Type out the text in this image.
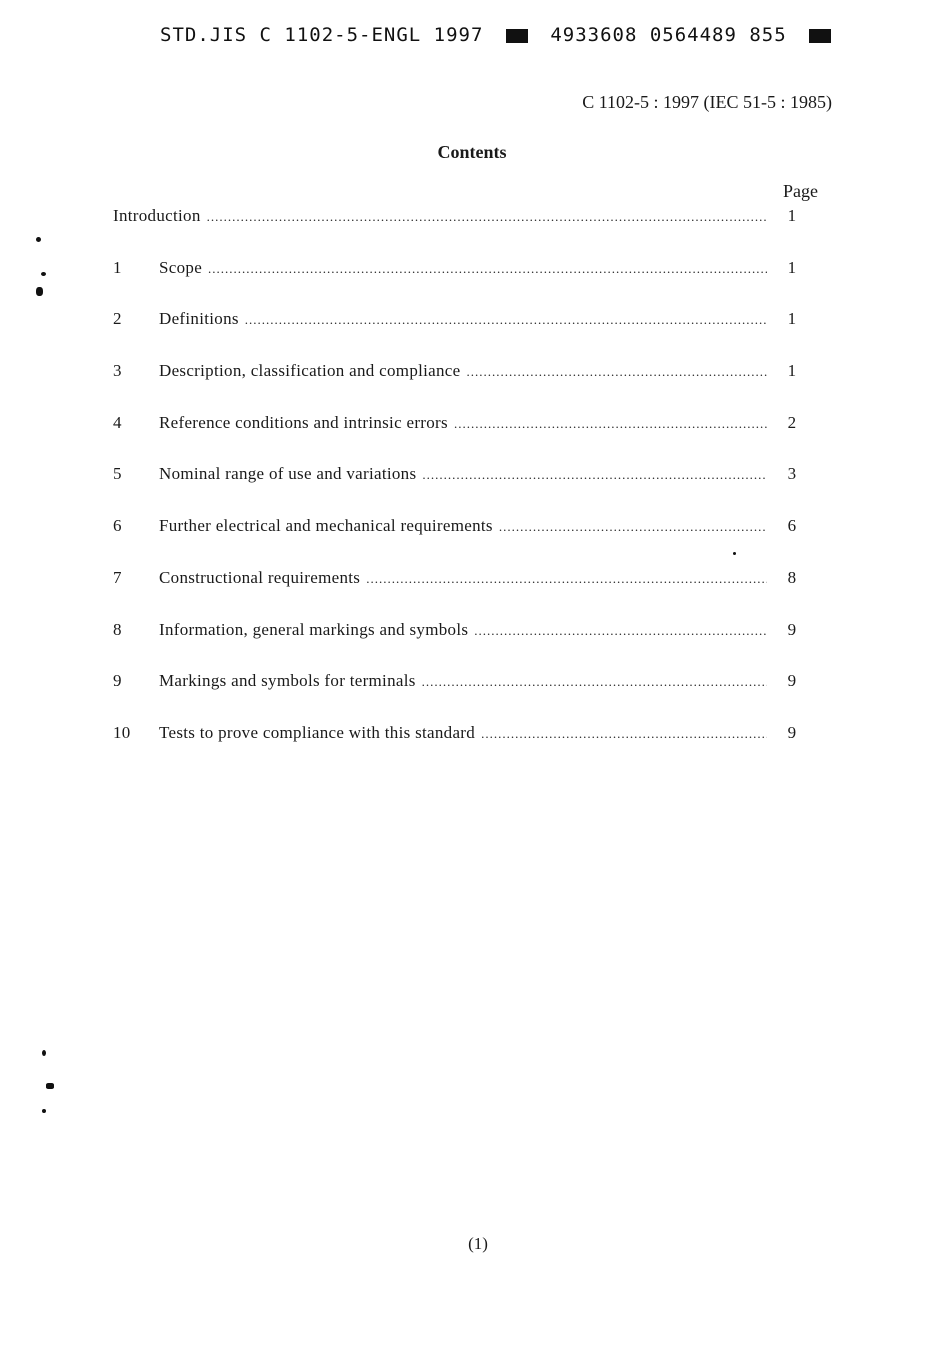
STD.JIS C 1102-5-ENGL 1997	4933608 0564489 855
C 1102-5 : 1997 (IEC 51-5 : 1985)
Contents
Page
Introduction .....	1
1	Scope .....	1
2	Definitions .....	1
3	Description, classification and compliance .....	1
4	Reference conditions and intrinsic errors .....	2
5	Nominal range of use and variations .....	3
6	Further electrical and mechanical requirements .....	6
7	Constructional requirements .....	8
8	Information, general markings and symbols .....	9
9	Markings and symbols for terminals .....	9
10	Tests to prove compliance with this standard .....	9
(1)
